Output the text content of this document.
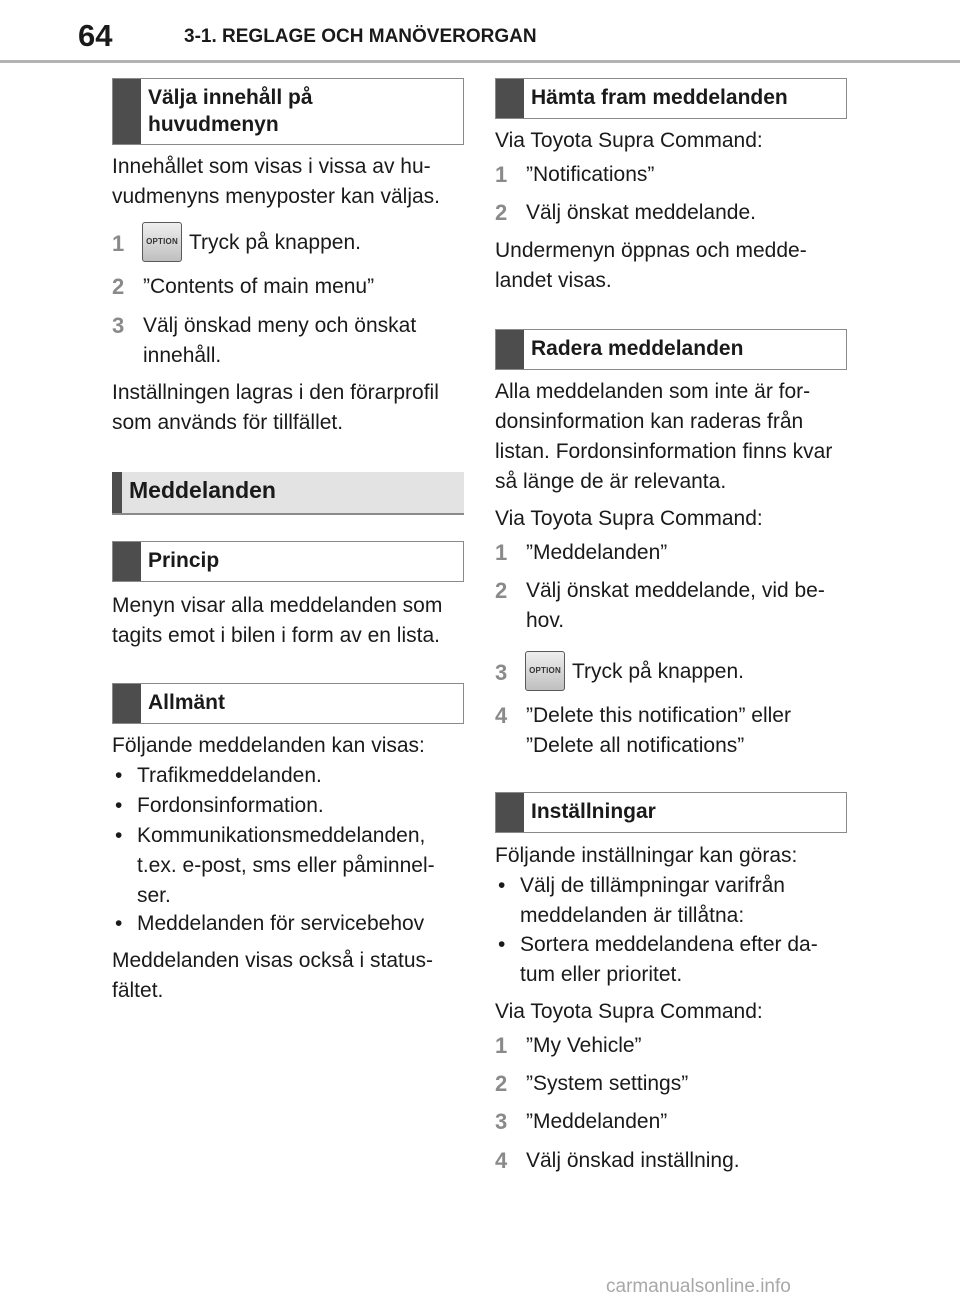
64	3-1. REGLAGE OCH MANÖVERORGAN
Välja innehåll på
huvudmenyn
Innehållet som visas i vissa av hu-
vudmenyns menyposter kan väljas.
1	OPTION Tryck på knappen.
2 ”Contents of main menu”
3 Välj önskad meny och önskat
innehåll.
Inställningen lagras i den förarprofil
som används för tillfället.
Meddelanden
Princip
Menyn visar alla meddelanden som
tagits emot i bilen i form av en lista.
Allmänt
Följande meddelanden kan visas:
• Trafikmeddelanden.
• Fordonsinformation.
• Kommunikationsmeddelanden,
t.ex. e-post, sms eller påminnel-
ser.
• Meddelanden för servicebehov
Meddelanden visas också i status-
fältet.
Hämta fram meddelanden
Via Toyota Supra Command:
1 ”Notifications”
2 Välj önskat meddelande.
Undermenyn öppnas och medde-
landet visas.
Radera meddelanden
Alla meddelanden som inte är for-
donsinformation kan raderas från
listan. Fordonsinformation finns kvar
så länge de är relevanta.
Via Toyota Supra Command:
1 ”Meddelanden”
2 Välj önskat meddelande, vid be-
hov.
3	OPTION Tryck på knappen.
4 ”Delete this notification” eller
”Delete all notifications”
Inställningar
Följande inställningar kan göras:
• Välj de tillämpningar varifrån
meddelanden är tillåtna:
• Sortera meddelandena efter da-
tum eller prioritet.
Via Toyota Supra Command:
1 ”My Vehicle”
2 ”System settings”
3 ”Meddelanden”
4 Välj önskad inställning.
carmanualsonline.info
